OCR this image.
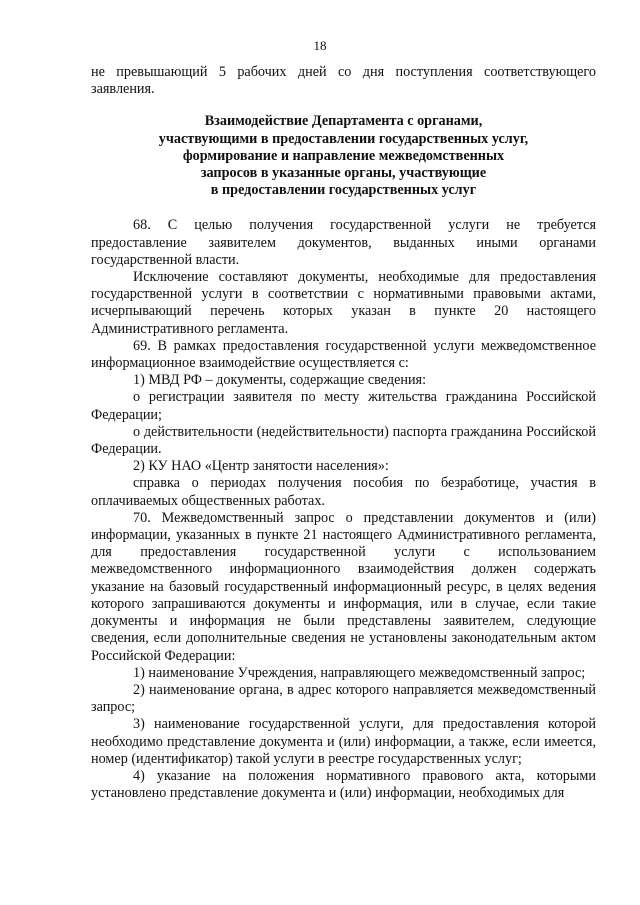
18

не превышающий 5 рабочих дней со дня поступления соответствующего заявления.

Взаимодействие Департамента с органами,
участвующими в предоставлении государственных услуг,
формирование и направление межведомственных
запросов в указанные органы, участвующие
в предоставлении государственных услуг

68. С целью получения государственной услуги не требуется предоставление заявителем документов, выданных иными органами государственной власти.

Исключение составляют документы, необходимые для предоставления государственной услуги в соответствии с нормативными правовыми актами, исчерпывающий перечень которых указан в пункте 20 настоящего Административного регламента.

69. В рамках предоставления государственной услуги межведомственное информационное взаимодействие осуществляется с:

1) МВД РФ – документы, содержащие сведения:

о регистрации заявителя по месту жительства гражданина Российской Федерации;

о действительности (недействительности) паспорта гражданина Российской Федерации.

2) КУ НАО «Центр занятости населения»:

справка о периодах получения пособия по безработице, участия в оплачиваемых общественных работах.

70. Межведомственный запрос о представлении документов и (или) информации, указанных в пункте 21 настоящего Административного регламента, для предоставления государственной услуги с использованием межведомственного информационного взаимодействия должен содержать указание на базовый государственный информационный ресурс, в целях ведения которого запрашиваются документы и информация, или в случае, если такие документы и информация не были представлены заявителем, следующие сведения, если дополнительные сведения не установлены законодательным актом Российской Федерации:

1) наименование Учреждения, направляющего межведомственный запрос;

2) наименование органа, в адрес которого направляется межведомственный запрос;

3) наименование государственной услуги, для предоставления которой необходимо представление документа и (или) информации, а также, если имеется, номер (идентификатор) такой услуги в реестре государственных услуг;

4) указание на положения нормативного правового акта, которыми установлено представление документа и (или) информации, необходимых для
